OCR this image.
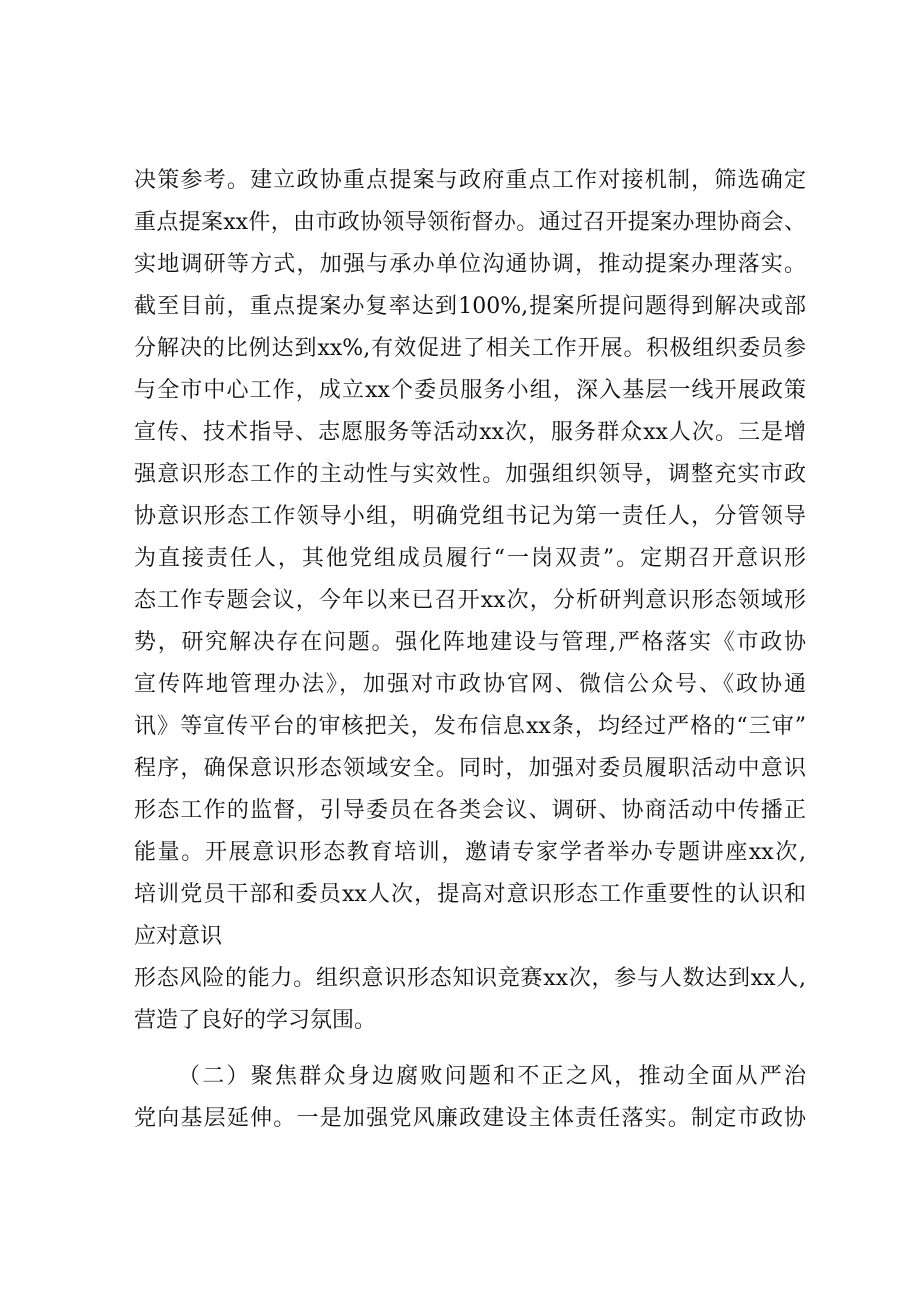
决策参考。建立政协重点提案与政府重点工作对接机制，筛选确定
重点提案xx件，由市政协领导领衔督办。通过召开提案办理协商会、
实地调研等方式，加强与承办单位沟通协调，推动提案办理落实。
截至目前，重点提案办复率达到100%,提案所提问题得到解决或部
分解决的比例达到xx%,有效促进了相关工作开展。积极组织委员参
与全市中心工作，成立xx个委员服务小组，深入基层一线开展政策
宣传、技术指导、志愿服务等活动xx次，服务群众xx人次。三是增
强意识形态工作的主动性与实效性。加强组织领导，调整充实市政
协意识形态工作领导小组，明确党组书记为第一责任人，分管领导
为直接责任人，其他党组成员履行“一岗双责”。定期召开意识形
态工作专题会议，今年以来已召开xx次，分析研判意识形态领域形
势，研究解决存在问题。强化阵地建设与管理,严格落实《市政协
宣传阵地管理办法》，加强对市政协官网、微信公众号、《政协通
讯》等宣传平台的审核把关，发布信息xx条，均经过严格的“三审”
程序，确保意识形态领域安全。同时，加强对委员履职活动中意识
形态工作的监督，引导委员在各类会议、调研、协商活动中传播正
能量。开展意识形态教育培训，邀请专家学者举办专题讲座xx次,
培训党员干部和委员xx人次，提高对意识形态工作重要性的认识和
应对意识
形态风险的能力。组织意识形态知识竞赛xx次，参与人数达到xx人,
营造了良好的学习氛围。
（二）聚焦群众身边腐败问题和不正之风，推动全面从严治
党向基层延伸。一是加强党风廉政建设主体责任落实。制定市政协
